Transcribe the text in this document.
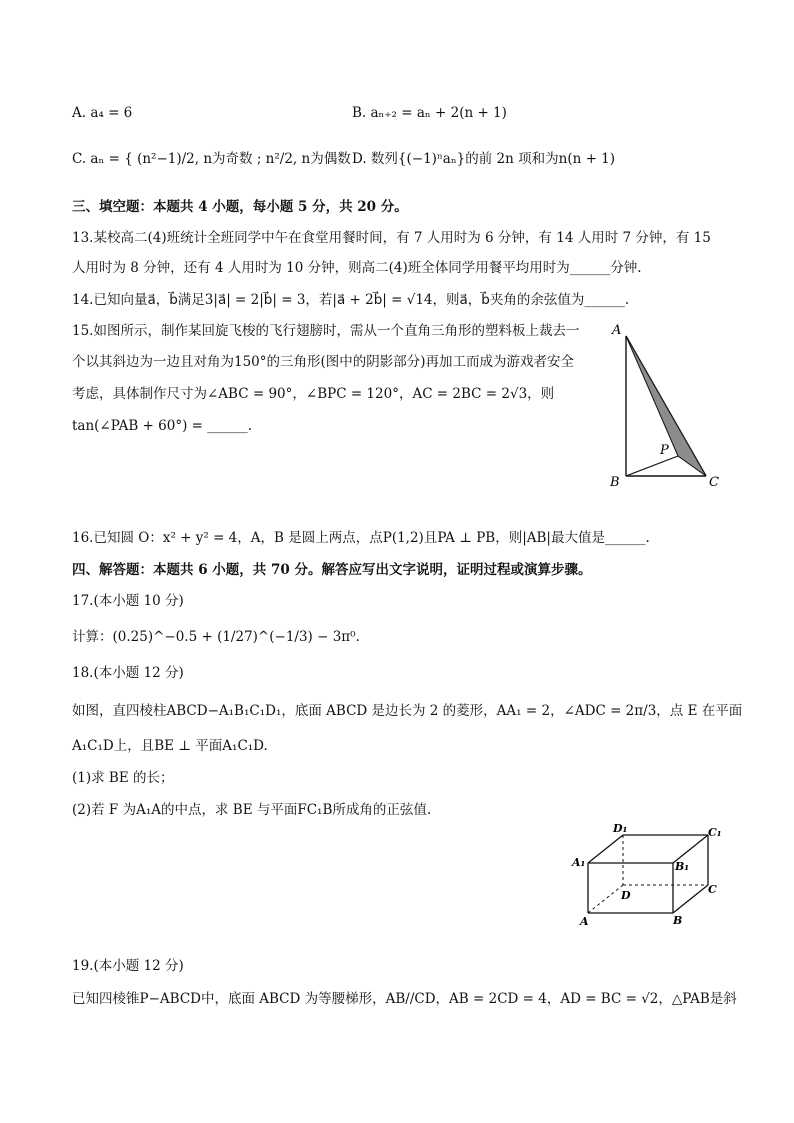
A. a₄ = 6	B. aₙ₊₂ = aₙ + 2(n + 1)
C. aₙ = { (n²−1)/2, n为奇数 ; n²/2, n为偶数 D. 数列{(−1)ⁿaₙ}的前 2n 项和为n(n + 1)
三、填空题：本题共 4 小题，每小题 5 分，共 20 分。
13.某校高二(4)班统计全班同学中午在食堂用餐时间，有 7 人用时为 6 分钟，有 14 人用时 7 分钟，有 15
人用时为 8 分钟，还有 4 人用时为 10 分钟，则高二(4)班全体同学用餐平均用时为______分钟.
14.已知向量a⃗，b⃗满足3|a⃗| = 2|b⃗| = 3，若|a⃗ + 2b⃗| = √14，则a⃗，b⃗夹角的余弦值为______.
15.如图所示，制作某回旋飞梭的飞行翅膀时，需从一个直角三角形的塑料板上裁去一
个以其斜边为一边且对角为150°的三角形(图中的阴影部分)再加工而成为游戏者安全
考虑，具体制作尺寸为∠ABC = 90°，∠BPC = 120°，AC = 2BC = 2√3，则
tan(∠PAB + 60°) = ______.
A
B	C
P
16.已知圆 O：x² + y² = 4，A，B 是圆上两点，点P(1,2)且PA ⊥ PB，则|AB|最大值是______.
四、解答题：本题共 6 小题，共 70 分。解答应写出文字说明，证明过程或演算步骤。
17.(本小题 10 分)
计算：(0.25)^−0.5 + (1/27)^(−1/3) − 3π⁰.
18.(本小题 12 分)
如图，直四棱柱ABCD−A₁B₁C₁D₁，底面 ABCD 是边长为 2 的菱形，AA₁ = 2，∠ADC = 2π/3，点 E 在平面
A₁C₁D上，且BE ⊥ 平面A₁C₁D.
(1)求 BE 的长；
(2)若 F 为A₁A的中点，求 BE 与平面FC₁B所成角的正弦值.
D₁	C₁
A₁	B₁
D	C
A	B
19.(本小题 12 分)
已知四棱锥P−ABCD中，底面 ABCD 为等腰梯形，AB//CD，AB = 2CD = 4，AD = BC = √2，△PAB是斜
